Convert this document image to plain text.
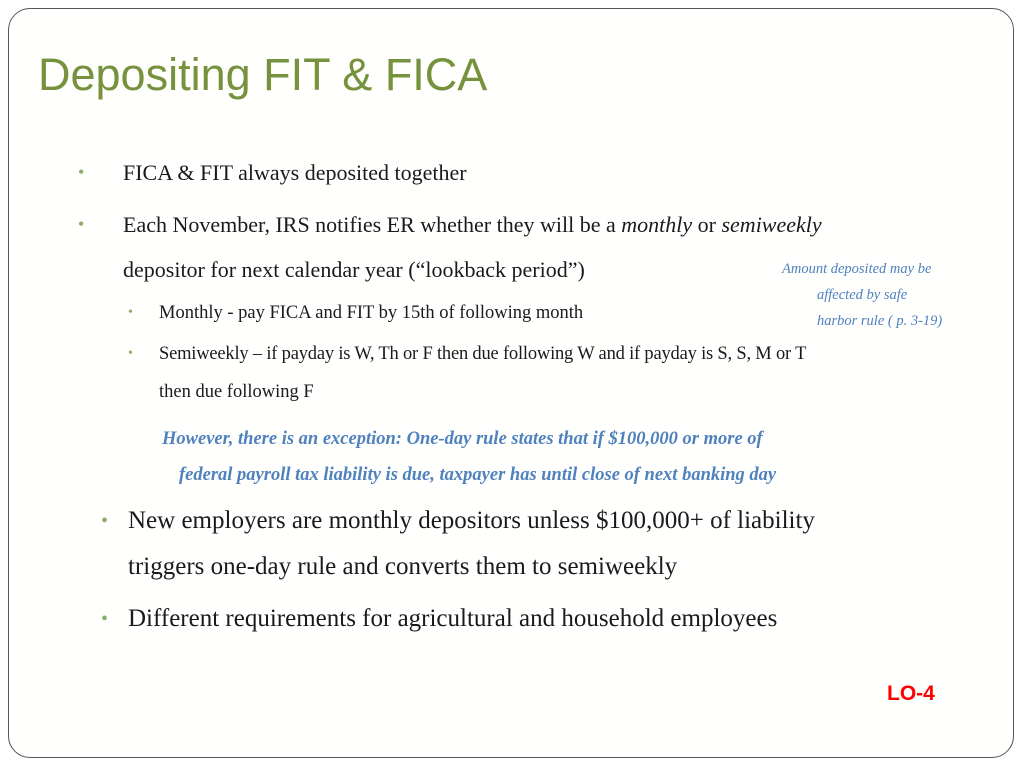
Depositing FIT & FICA
• FICA & FIT always deposited together
• Each November, IRS notifies ER whether they will be a monthly or semiweekly
depositor for next calendar year (“lookback period”)	Amount deposited may be
affected by safe
harbor rule ( p. 3-19)
• Monthly - pay FICA and FIT by 15th of following month
• Semiweekly – if payday is W, Th or F then due following W and if payday is S, S, M or T
then due following F
However, there is an exception: One-day rule states that if $100,000 or more of
federal payroll tax liability is due, taxpayer has until close of next banking day
• New employers are monthly depositors unless $100,000+ of liability
triggers one-day rule and converts them to semiweekly
• Different requirements for agricultural and household employees
LO-4
